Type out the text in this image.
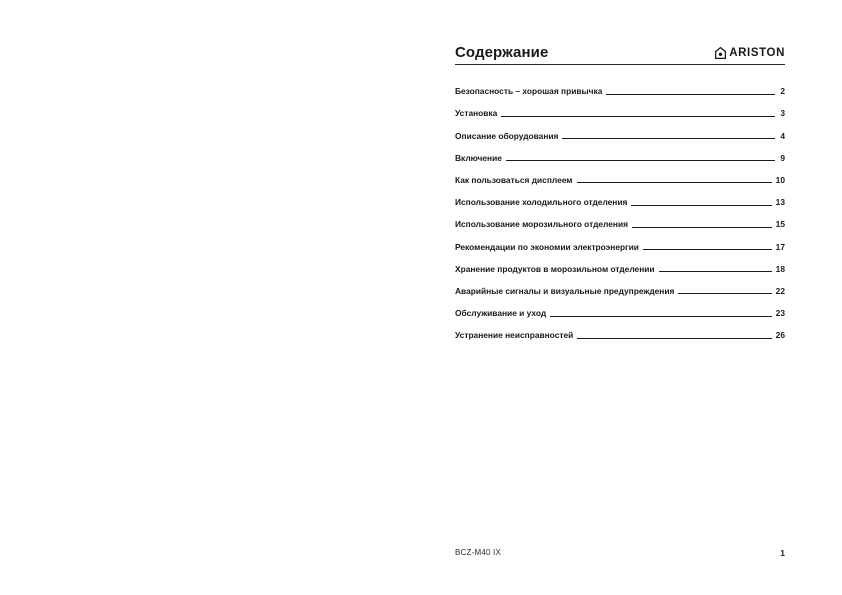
Содержание	ARISTON
Безопасность – хорошая привычка	2
Установка	3
Описание оборудования	4
Включение	9
Как пользоваться дисплеем	10
Использование холодильного отделения	13
Использование морозильного отделения	15
Рекомендации по экономии электроэнергии	17
Хранение продуктов в морозильном отделении	18
Аварийные сигналы и визуальные предупреждения	22
Обслуживание и уход	23
Устранение неисправностей	26
BCZ-M40 IX	1
